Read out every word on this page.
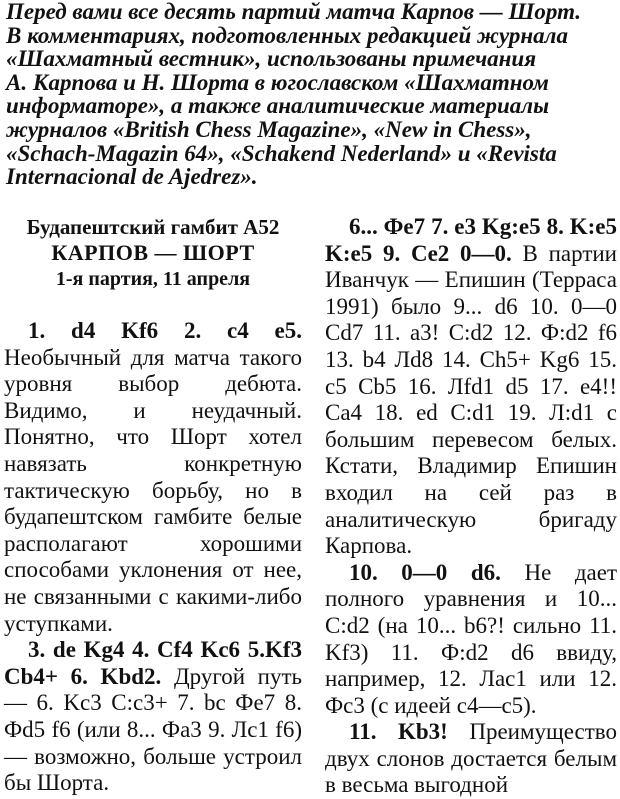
Перед вами все десять партий матча Карпов — Шорт.
В комментариях, подготовленных редакцией журнала
«Шахматный вестник», использованы примечания
А. Карпова и Н. Шорта в югославском «Шахматном
информаторе», а также аналитические материалы
журналов «British Chess Magazine», «New in Chess»,
«Schach-Magazin 64», «Schakend Nederland» и «Revista
Internacional de Ajedrez».
Будапештский гамбит А52
КАРПОВ — ШОРТ
1-я партия, 11 апреля

1. d4 Kf6 2. c4 e5. Необычный для матча такого уровня выбор дебюта. Видимо, и неудачный. Понятно, что Шорт хотел навязать конкретную тактическую борьбу, но в будапештском гамбите белые располагают хорошими способами уклонения от нее, не связанными с какими-либо уступками.

3. de Kg4 4. Cf4 Kc6 5.Kf3 Cb4+ 6. Kbd2. Другой путь — 6. Kc3 C:c3+ 7. bc Фе7 8. Фd5 f6 (или 8... Фа3 9. Лс1 f6) — возможно, больше устроил бы Шорта.

6... Фе7 7. e3 Kg:e5 8. K:e5 K:e5 9. Ce2 0—0. В партии Иванчук — Епишин (Терраса 1991) было 9... d6 10. 0—0 Cd7 11. a3! C:d2 12. Ф:d2 f6 13. b4 Лd8 14. Ch5+ Kg6 15. c5 Cb5 16. Лfd1 d5 17. e4!! Ca4 18. ed C:d1 19. Л:d1 с большим перевесом белых. Кстати, Владимир Епишин входил на сей раз в аналитическую бригаду Карпова.

10. 0—0 d6. Не дает полного уравнения и 10... C:d2 (на 10... b6?! сильно 11. Kf3) 11. Ф:d2 d6 ввиду, например, 12. Лас1 или 12. Фс3 (с идеей c4—c5).

11. Kb3! Преимущество двух слонов достается белым в весьма выгодной
